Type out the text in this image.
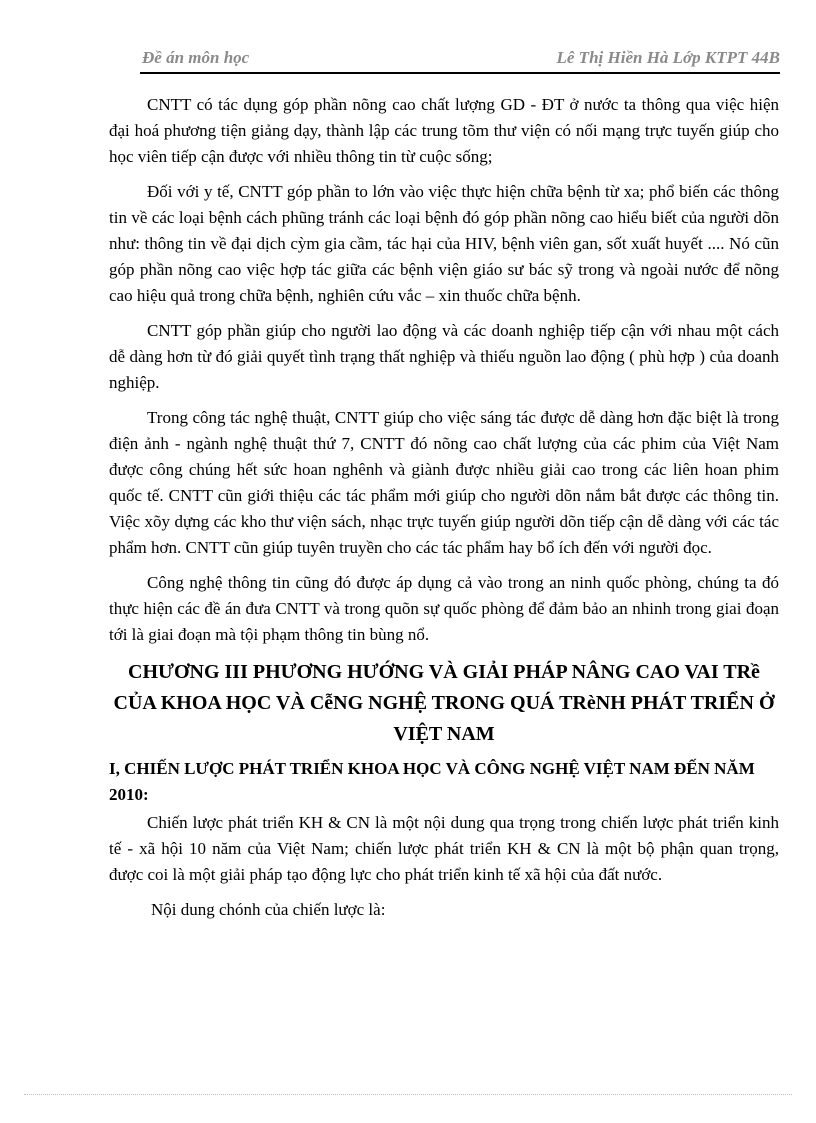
Đề án môn học	Lê Thị Hiền Hà Lớp KTPT 44B

CNTT có tác dụng góp phần nõng cao chất lượng GD - ĐT ở nước ta thông qua việc hiện đại hoá phương tiện giảng dạy, thành lập các trung tõm thư viện có nối mạng trực tuyến giúp cho học viên tiếp cận được với nhiều thông tin từ cuộc sống;

Đối với y tế, CNTT góp phần to lớn vào việc thực hiện chữa bệnh từ xa; phổ biến các thông tin về các loại bệnh cách phũng tránh các loại bệnh đó góp phần nõng cao hiểu biết của người dõn như: thông tin về đại dịch cỳm gia cầm, tác hại của HIV, bệnh viên gan, sốt xuất huyết .... Nó cũn góp phần nõng cao việc hợp tác giữa các bệnh viện giáo sư bác sỹ trong và ngoài nước để nõng cao hiệu quả trong chữa bệnh, nghiên cứu vắc – xin thuốc chữa bệnh.

CNTT góp phần giúp cho người lao động và các doanh nghiệp tiếp cận với nhau một cách dễ dàng hơn từ đó giải quyết tình trạng thất nghiệp và thiếu nguồn lao động ( phù hợp ) của doanh nghiệp.

Trong công tác nghệ thuật, CNTT giúp cho việc sáng tác được dễ dàng hơn đặc biệt là trong điện ảnh - ngành nghệ thuật thứ 7, CNTT đó nõng cao chất lượng của các phim của Việt Nam được công chúng hết sức hoan nghênh và giành được nhiều giải cao trong các liên hoan phim quốc tế. CNTT cũn giới thiệu các tác phẩm mới giúp cho người dõn nắm bắt được các thông tin. Việc xõy dựng các kho thư viện sách, nhạc trực tuyến giúp người dõn tiếp cận dễ dàng với các tác phẩm hơn. CNTT cũn giúp tuyên truyền cho các tác phẩm hay bổ ích đến với người đọc.

Công nghệ thông tin cũng đó được áp dụng cả vào trong an ninh quốc phòng, chúng ta đó thực hiện các đề án đưa CNTT và trong quõn sự quốc phòng để đảm bảo an nhinh trong giai đoạn tới là giai đoạn mà tội phạm thông tin bùng nổ.

CHƯƠNG III PHƯƠNG HƯỚNG VÀ GIẢI PHÁP NÂNG CAO VAI TRề CỦA KHOA HỌC VÀ CễNG NGHỆ TRONG QUÁ TRèNH PHÁT TRIỂN Ở VIỆT NAM
I, CHIẾN LƯỢC PHÁT TRIỂN KHOA HỌC VÀ CÔNG NGHỆ VIỆT NAM ĐẾN NĂM 2010:

Chiến lược phát triển KH & CN là một nội dung qua trọng trong chiến lược phát triển kinh tế - xã hội 10 năm của Việt Nam; chiến lược phát triển KH & CN là một bộ phận quan trọng, được coi là một giải pháp tạo động lực cho phát triển kinh tế xã hội của đất nước.

Nội dung chónh của chiến lược là:
